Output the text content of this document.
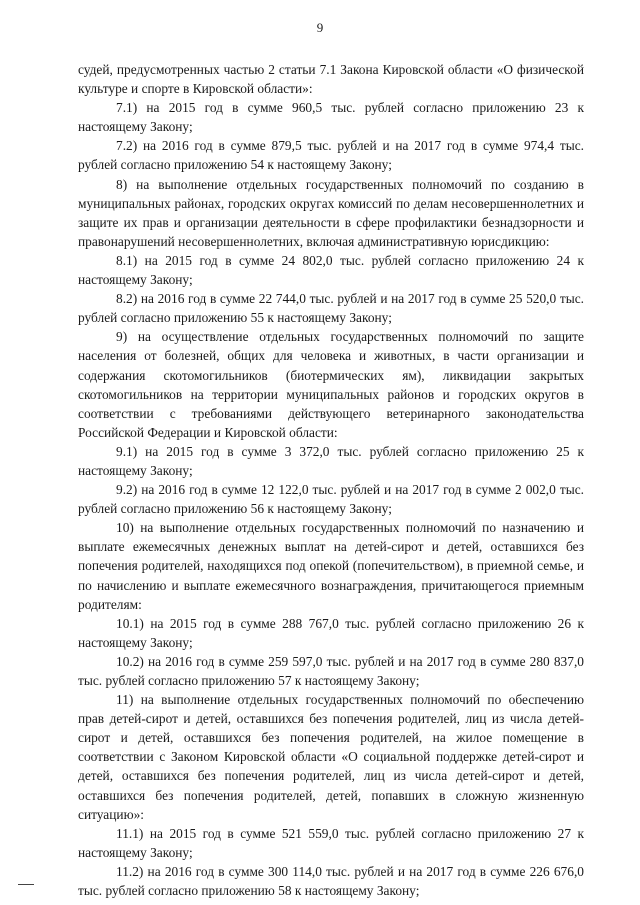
9

судей, предусмотренных частью 2 статьи 7.1 Закона Кировской области «О физической культуре и спорте в Кировской области»:

7.1) на 2015 год в сумме 960,5 тыс. рублей согласно приложению 23 к настоящему Закону;

7.2) на 2016 год в сумме 879,5 тыс. рублей и на 2017 год в сумме 974,4 тыс. рублей согласно приложению 54 к настоящему Закону;

8) на выполнение отдельных государственных полномочий по созданию в муниципальных районах, городских округах комиссий по делам несовершеннолетних и защите их прав и организации деятельности в сфере профилактики безнадзорности и правонарушений несовершеннолетних, включая административную юрисдикцию:

8.1) на 2015 год в сумме 24 802,0 тыс. рублей согласно приложению 24 к настоящему Закону;

8.2) на 2016 год в сумме 22 744,0 тыс. рублей и на 2017 год в сумме 25 520,0 тыс. рублей согласно приложению 55 к настоящему Закону;

9) на осуществление отдельных государственных полномочий по защите населения от болезней, общих для человека и животных, в части организации и содержания скотомогильников (биотермических ям), ликвидации закрытых скотомогильников на территории муниципальных районов и городских округов в соответствии с требованиями действующего ветеринарного законодательства Российской Федерации и Кировской области:

9.1) на 2015 год в сумме 3 372,0 тыс. рублей согласно приложению 25 к настоящему Закону;

9.2) на 2016 год в сумме 12 122,0 тыс. рублей и на 2017 год в сумме 2 002,0 тыс. рублей согласно приложению 56 к настоящему Закону;

10) на выполнение отдельных государственных полномочий по назначению и выплате ежемесячных денежных выплат на детей-сирот и детей, оставшихся без попечения родителей, находящихся под опекой (попечительством), в приемной семье, и по начислению и выплате ежемесячного вознаграждения, причитающегося приемным родителям:

10.1) на 2015 год в сумме 288 767,0 тыс. рублей согласно приложению 26 к настоящему Закону;

10.2) на 2016 год в сумме 259 597,0 тыс. рублей и на 2017 год в сумме 280 837,0 тыс. рублей согласно приложению 57 к настоящему Закону;

11) на выполнение отдельных государственных полномочий по обеспечению прав детей-сирот и детей, оставшихся без попечения родителей, лиц из числа детей-сирот и детей, оставшихся без попечения родителей, на жилое помещение в соответствии с Законом Кировской области «О социальной поддержке детей-сирот и детей, оставшихся без попечения родителей, лиц из числа детей-сирот и детей, оставшихся без попечения родителей, детей, попавших в сложную жизненную ситуацию»:

11.1) на 2015 год в сумме 521 559,0 тыс. рублей согласно приложению 27 к настоящему Закону;

11.2) на 2016 год в сумме 300 114,0 тыс. рублей и на 2017 год в сумме 226 676,0 тыс. рублей согласно приложению 58 к настоящему Закону;
